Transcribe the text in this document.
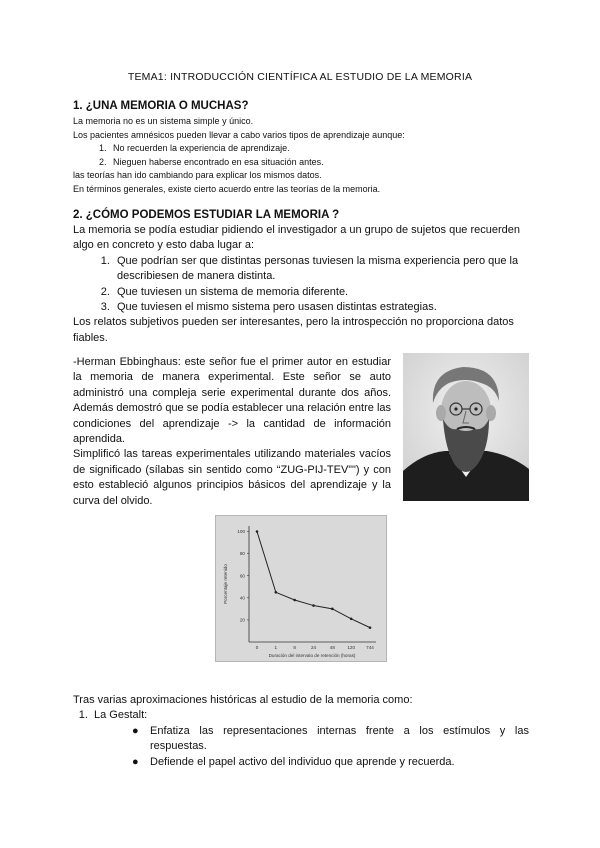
TEMA1: INTRODUCCIÓN CIENTÍFICA AL ESTUDIO DE LA MEMORIA
1. ¿UNA MEMORIA O MUCHAS?
La memoria no es un sistema simple y único.
Los pacientes amnésicos pueden llevar a cabo varios tipos de aprendizaje aunque:
1. No recuerden la experiencia de aprendizaje.
2. Nieguen haberse encontrado en esa situación antes.
las teorías han ido cambiando para explicar los mismos datos.
En términos generales, existe cierto acuerdo entre las teorías de la memoria.
2. ¿CÓMO PODEMOS ESTUDIAR LA MEMORIA ?
La memoria se podía estudiar pidiendo el investigador a un grupo de sujetos que recuerden algo en concreto y esto daba lugar a:
1. Que podrían ser que distintas personas tuviesen la misma experiencia pero que la describiesen de manera distinta.
2. Que tuviesen un sistema de memoria diferente.
3. Que tuviesen el mismo sistema pero usasen distintas estrategias.
Los relatos subjetivos pueden ser interesantes, pero la introspección no proporciona datos fiables.
-Herman Ebbinghaus: este señor fue el primer autor en estudiar la memoria de manera experimental. Este señor se auto administró una compleja serie experimental durante dos años. Además demostró que se podía establecer una relación entre las condiciones del aprendizaje -> la cantidad de información aprendida.
Simplificó las tareas experimentales utilizando materiales vacíos de significado (sílabas sin sentido como “ZUG-PIJ-TEV”") y con esto estableció algunos principios básicos del aprendizaje y la curva del olvido.
Porcentaje retenido
Duración del intervalo de retención (horas)
20
40
60
80
100
0	1	8	24	48	120 744
Tras varias aproximaciones históricas al estudio de la memoria como:
1. La Gestalt:
● Enfatiza las representaciones internas frente a los estímulos y las respuestas.
● Defiende el papel activo del individuo que aprende y recuerda.
